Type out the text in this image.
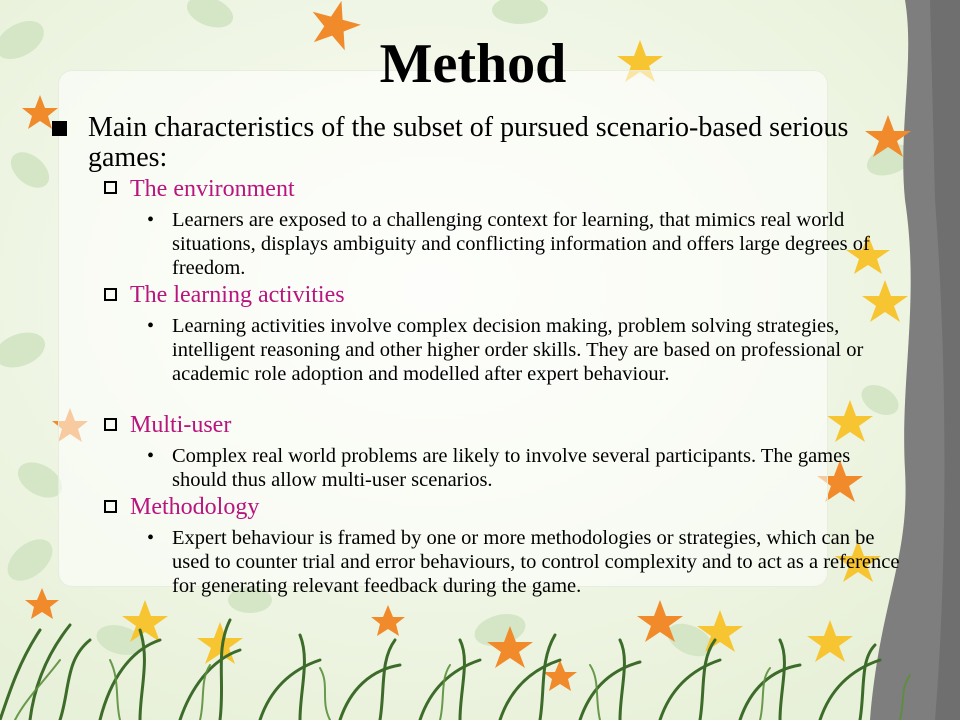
Method
Main characteristics of the subset of pursued scenario-based serious games:
The environment
• Learners are exposed to a challenging context for learning, that mimics real world situations, displays ambiguity and conflicting information and offers large degrees of freedom.
The learning activities
• Learning activities involve complex decision making, problem solving strategies, intelligent reasoning and other higher order skills. They are based on professional or academic role adoption and modelled after expert behaviour.
Multi-user
• Complex real world problems are likely to involve several participants. The games should thus allow multi-user scenarios.
Methodology
• Expert behaviour is framed by one or more methodologies or strategies, which can be used to counter trial and error behaviours, to control complexity and to act as a reference for generating relevant feedback during the game.
